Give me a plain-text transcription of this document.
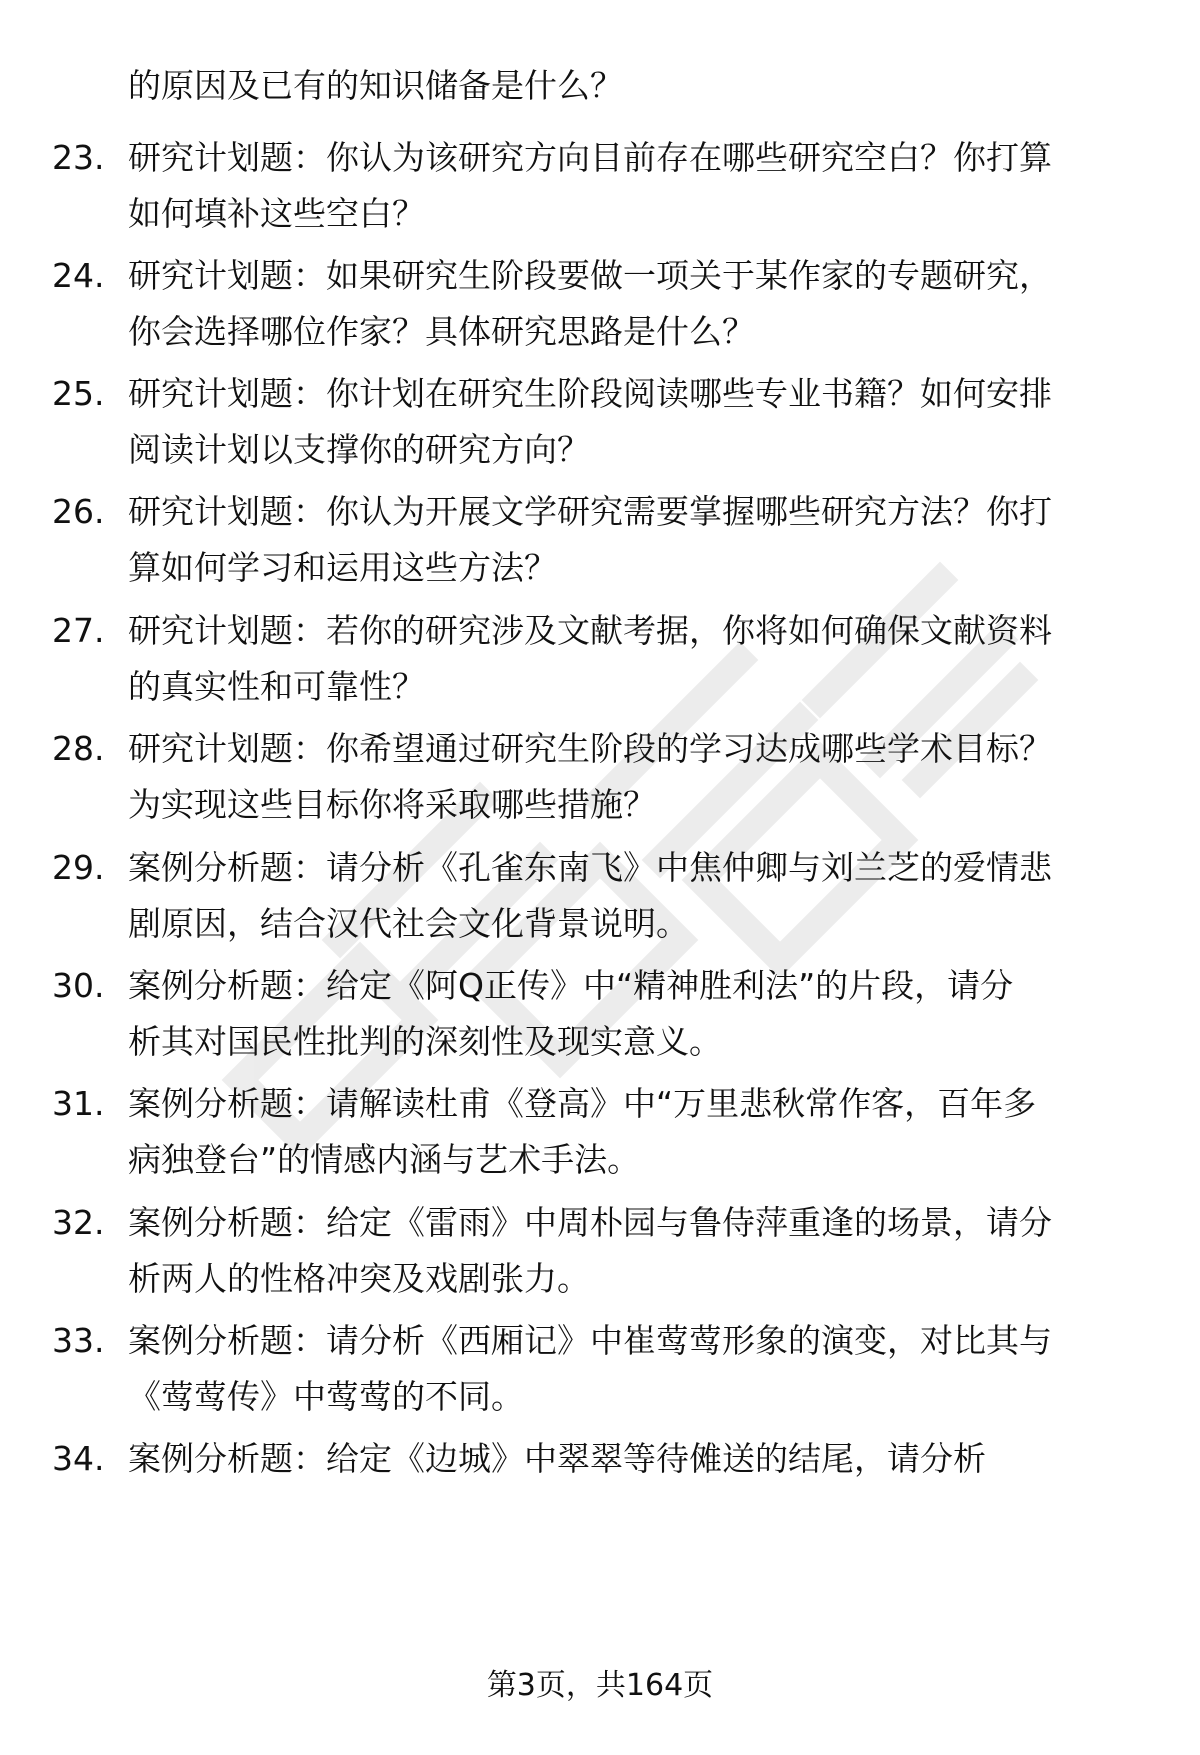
的原因及已有的知识储备是什么？
23. 研究计划题：你认为该研究方向目前存在哪些研究空白？你打算
如何填补这些空白？
24. 研究计划题：如果研究生阶段要做一项关于某作家的专题研究，
你会选择哪位作家？具体研究思路是什么？
25. 研究计划题：你计划在研究生阶段阅读哪些专业书籍？如何安排
阅读计划以支撑你的研究方向？
26. 研究计划题：你认为开展文学研究需要掌握哪些研究方法？你打
算如何学习和运用这些方法？
27. 研究计划题：若你的研究涉及文献考据，你将如何确保文献资料
的真实性和可靠性？
28. 研究计划题：你希望通过研究生阶段的学习达成哪些学术目标？
为实现这些目标你将采取哪些措施？
29. 案例分析题：请分析《孔雀东南飞》中焦仲卿与刘兰芝的爱情悲
剧原因，结合汉代社会文化背景说明。
30. 案例分析题：给定《阿Q正传》中“精神胜利法”的片段，请分
析其对国民性批判的深刻性及现实意义。
31. 案例分析题：请解读杜甫《登高》中“万里悲秋常作客，百年多
病独登台”的情感内涵与艺术手法。
32. 案例分析题：给定《雷雨》中周朴园与鲁侍萍重逢的场景，请分
析两人的性格冲突及戏剧张力。
33. 案例分析题：请分析《西厢记》中崔莺莺形象的演变，对比其与
《莺莺传》中莺莺的不同。
34. 案例分析题：给定《边城》中翠翠等待傩送的结尾，请分析
第3页，共164页
